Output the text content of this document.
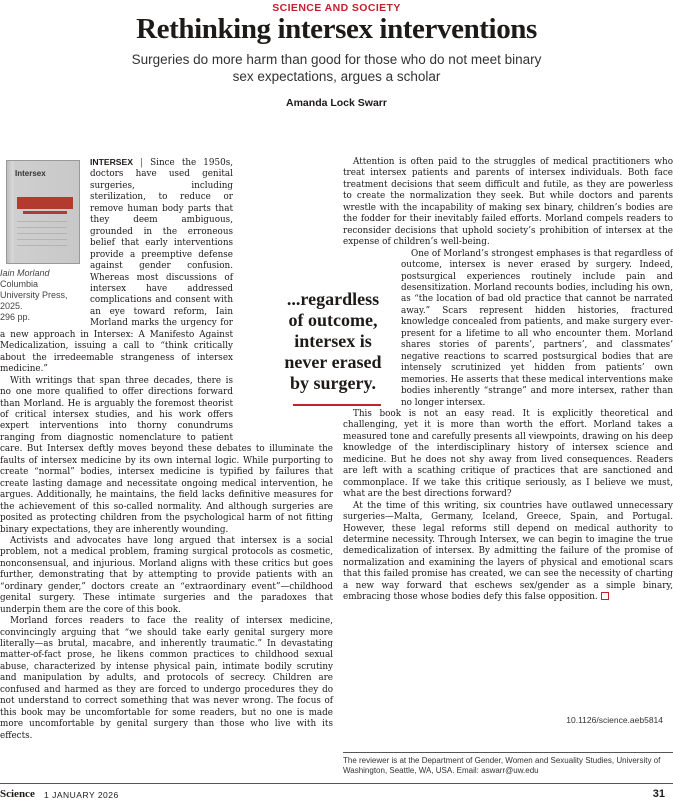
SCIENCE AND SOCIETY
Rethinking intersex interventions
Surgeries do more harm than good for those who do not meet binary sex expectations, argues a scholar
Amanda Lock Swarr
Intersex
Iain Morland
Columbia University Press, 2025.
296 pp.

INTERSEX | Since the 1950s, doctors have used genital surgeries, including sterilization, to reduce or remove human body parts that they deem ambiguous, grounded in the erroneous belief that early interventions provide a preemptive defense against gender confusion. Whereas most discussions of intersex have addressed complications and consent with an eye toward reform, Iain Morland marks the urgency for a new approach in Intersex: A Manifesto Against Medicalization, issuing a call to “think critically about the irredeemable strangeness of intersex medicine.”

With writings that span three decades, there is no one more qualified to offer directions forward than Morland. He is arguably the foremost theorist of critical intersex studies, and his work offers expert interventions into thorny conundrums ranging from diagnostic nomenclature to patient care. But Intersex deftly moves beyond these debates to illuminate the faults of intersex medicine by its own internal logic. While purporting to create “normal” bodies, intersex medicine is typified by failures that create lasting damage and necessitate ongoing medical intervention, he argues. Additionally, he maintains, the field lacks definitive measures for the achievement of this so-called normality. And although surgeries are posited as protecting children from the psychological harm of not fitting binary expectations, they are inherently wounding.

Activists and advocates have long argued that intersex is a social problem, not a medical problem, framing surgical protocols as cosmetic, nonconsensual, and injurious. Morland aligns with these critics but goes further, demonstrating that by attempting to provide patients with an “ordinary gender,” doctors create an “extraordinary event”—childhood genital surgery. These intimate surgeries and the paradoxes that underpin them are the core of this book.

Morland forces readers to face the reality of intersex medicine, convincingly arguing that “we should take early genital surgery more literally—as brutal, macabre, and inherently traumatic.” In devastating matter-of-fact prose, he likens common practices to childhood sexual abuse, characterized by intense physical pain, intimate bodily scrutiny and manipulation by adults, and protocols of secrecy. Children are confused and harmed as they are forced to undergo procedures they do not understand to correct something that was never wrong. The focus of this book may be uncomfortable for some readers, but no one is made more uncomfortable by genital surgery than those who live with its effects.

Attention is often paid to the struggles of medical practitioners who treat intersex patients and parents of intersex individuals. Both face treatment decisions that seem difficult and futile, as they are powerless to create the normalization they seek. But while doctors and parents wrestle with the incapability of making sex binary, children’s bodies are the fodder for their inevitably failed efforts. Morland compels readers to reconsider decisions that uphold society’s prohibition of intersex at the expense of children’s well-being.

One of Morland’s strongest emphases is that regardless of outcome, intersex is never erased by surgery. Indeed, postsurgical experiences routinely include pain and desensitization. Morland recounts bodies, including his own, as “the location of bad old practice that cannot be narrated away.” Scars represent hidden histories, fractured knowledge concealed from patients, and make surgery ever-present for a lifetime to all who encounter them. Morland shares stories of parents’, partners’, and classmates’ negative reactions to scarred postsurgical bodies that are intensely scrutinized yet hidden from patients’ own memories. He asserts that these medical interventions make bodies inherently “strange” and more intersex, rather than no longer intersex.

This book is not an easy read. It is explicitly theoretical and challenging, yet it is more than worth the effort. Morland takes a measured tone and carefully presents all viewpoints, drawing on his deep knowledge of the interdisciplinary history of intersex science and medicine. But he does not shy away from lived consequences. Readers are left with a scathing critique of practices that are sanctioned and commonplace. If we take this critique seriously, as I believe we must, what are the best directions forward?

At the time of this writing, six countries have outlawed unnecessary surgeries—Malta, Germany, Iceland, Greece, Spain, and Portugal. However, these legal reforms still depend on medical authority to determine necessity. Through Intersex, we can begin to imagine the true demedicalization of intersex. By admitting the failure of the promise of normalization and examining the layers of physical and emotional scars that this failed promise has created, we can see the necessity of charting a new way forward that eschews sex/gender as a simple binary, embracing those whose bodies defy this false opposition.

...regardless of outcome, intersex is never erased by surgery.
10.1126/science.aeb5814
The reviewer is at the Department of Gender, Women and Sexuality Studies, University of Washington, Seattle, WA, USA. Email: aswarr@uw.edu
Science 1 JANUARY 2026	31
